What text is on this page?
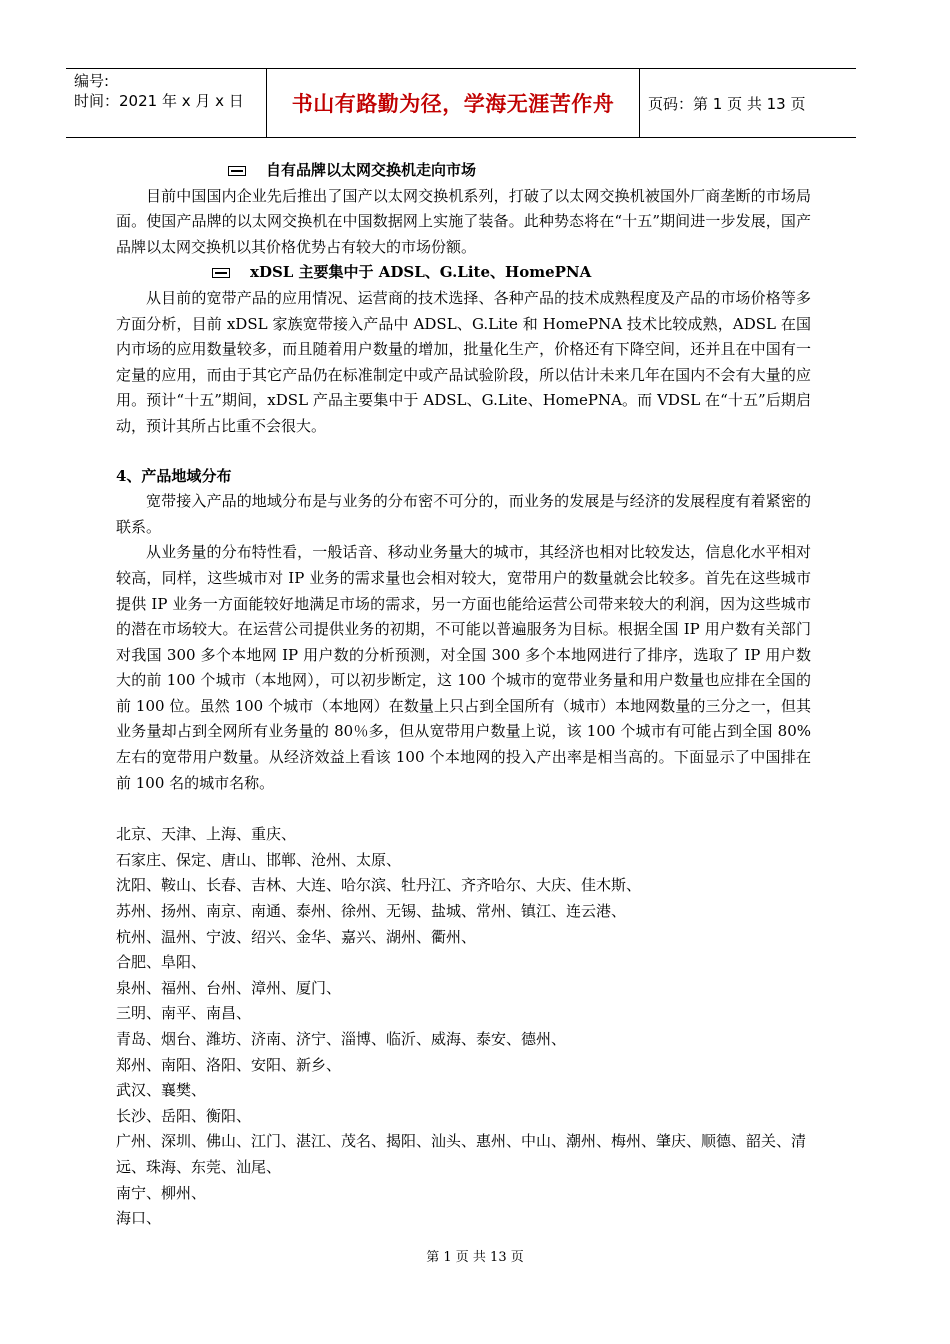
编号:
时间：2021 年 x 月 x 日 书山有路勤为径，学海无涯苦作舟 页码：第 1 页 共 13 页
自有品牌以太网交换机走向市场

目前中国国内企业先后推出了国产以太网交换机系列，打破了以太网交换机被国外厂商垄断的市场局面。使国产品牌的以太网交换机在中国数据网上实施了装备。此种势态将在“十五”期间进一步发展，国产品牌以太网交换机以其价格优势占有较大的市场份额。

xDSL 主要集中于 ADSL、G.Lite、HomePNA

从目前的宽带产品的应用情况、运营商的技术选择、各种产品的技术成熟程度及产品的市场价格等多方面分析，目前 xDSL 家族宽带接入产品中 ADSL、G.Lite 和 HomePNA 技术比较成熟，ADSL 在国内市场的应用数量较多，而且随着用户数量的增加，批量化生产，价格还有下降空间，还并且在中国有一定量的应用，而由于其它产品仍在标准制定中或产品试验阶段，所以估计未来几年在国内不会有大量的应用。预计“十五”期间，xDSL 产品主要集中于 ADSL、G.Lite、HomePNA。而 VDSL 在“十五”后期启动，预计其所占比重不会很大。

4、产品地域分布

宽带接入产品的地域分布是与业务的分布密不可分的，而业务的发展是与经济的发展程度有着紧密的联系。

从业务量的分布特性看，一般话音、移动业务量大的城市，其经济也相对比较发达，信息化水平相对较高，同样，这些城市对 IP 业务的需求量也会相对较大，宽带用户的数量就会比较多。首先在这些城市提供 IP 业务一方面能较好地满足市场的需求，另一方面也能给运营公司带来较大的利润，因为这些城市的潜在市场较大。在运营公司提供业务的初期，不可能以普遍服务为目标。根据全国 IP 用户数有关部门对我国 300 多个本地网 IP 用户数的分析预测，对全国 300 多个本地网进行了排序，选取了 IP 用户数大的前 100 个城市（本地网），可以初步断定，这 100 个城市的宽带业务量和用户数量也应排在全国的前 100 位。虽然 100 个城市（本地网）在数量上只占到全国所有（城市）本地网数量的三分之一，但其业务量却占到全网所有业务量的 80％多，但从宽带用户数量上说，该 100 个城市有可能占到全国 80%左右的宽带用户数量。从经济效益上看该 100 个本地网的投入产出率是相当高的。下面显示了中国排在前 100 名的城市名称。

北京、天津、上海、重庆、
石家庄、保定、唐山、邯郸、沧州、太原、
沈阳、鞍山、长春、吉林、大连、哈尔滨、牡丹江、齐齐哈尔、大庆、佳木斯、
苏州、扬州、南京、南通、泰州、徐州、无锡、盐城、常州、镇江、连云港、
杭州、温州、宁波、绍兴、金华、嘉兴、湖州、衢州、
合肥、阜阳、
泉州、福州、台州、漳州、厦门、
三明、南平、南昌、
青岛、烟台、潍坊、济南、济宁、淄博、临沂、威海、泰安、德州、
郑州、南阳、洛阳、安阳、新乡、
武汉、襄樊、
长沙、岳阳、衡阳、
广州、深圳、佛山、江门、湛江、茂名、揭阳、汕头、惠州、中山、潮州、梅州、肇庆、顺德、韶关、清远、珠海、东莞、汕尾、
南宁、柳州、
海口、
第 1 页 共 13 页
